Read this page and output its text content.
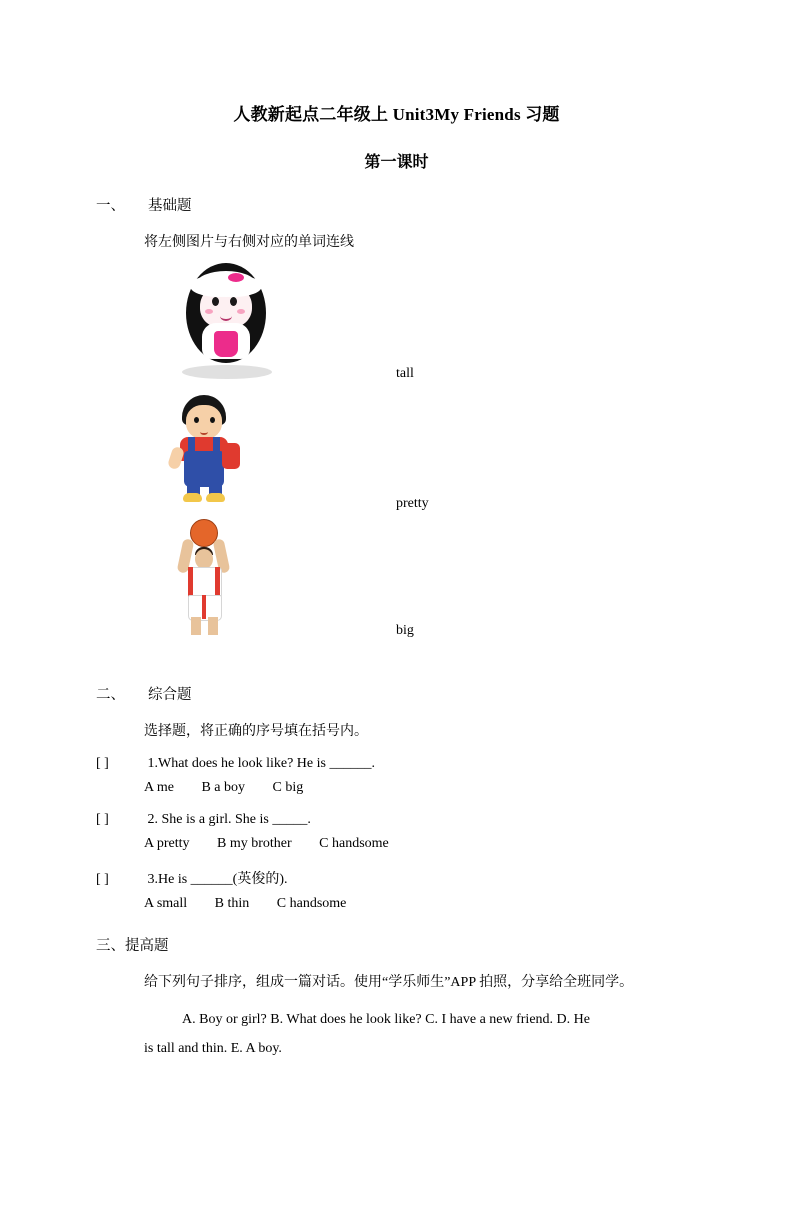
人教新起点二年级上 Unit3My Friends 习题
第一课时
一、	基础题
将左侧图片与右侧对应的单词连线
tall
pretty
big
二、	综合题
选择题，将正确的序号填在括号内。
[ ]	1.What does he look like? He is ______.
A me B a boy C big
[ ]	2. She is a girl. She is _____.
A pretty B my brother C handsome
[ ]	3.He is ______(英俊的).
A small B thin C handsome
三、提高题
给下列句子排序，组成一篇对话。使用“学乐师生”APP 拍照，分享给全班同学。
A. Boy or girl? B. What does he look like? C. I have a new friend. D. He
is tall and thin. E. A boy.
